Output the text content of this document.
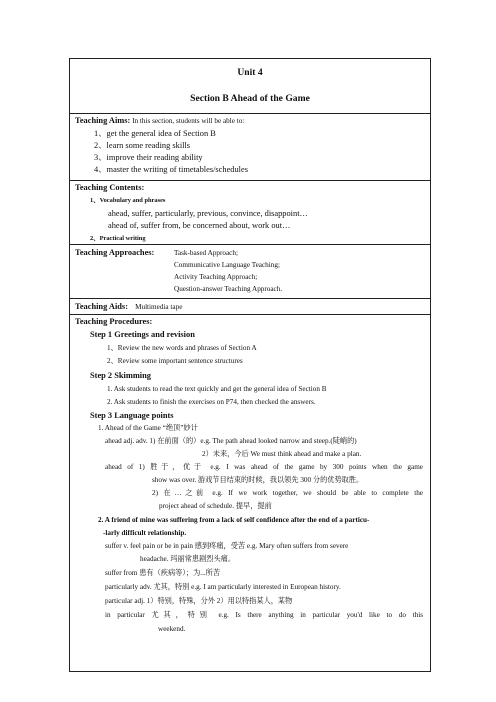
Unit 4
Section B Ahead of the Game
Teaching Aims: In this section, students will be able to:
1、get the general idea of Section B
2、learn some reading skills
3、improve their reading ability
4、master the writing of timetables/schedules
Teaching Contents:
1、Vocabulary and phrases
ahead, suffer, particularly, previous, convince, disappoint…
ahead of, suffer from, be concerned about, work out…
2、Practical writing
Teaching Approaches:	Task-based Approach;
Communicative Language Teaching;
Activity Teaching Approach;
Question-answer Teaching Approach.
Teaching Aids: Multimedia tape
Teaching Procedures:
Step 1 Greetings and revision
1、Review the new words and phrases of Section A
2、Review some important sentence structures
Step 2 Skimming
1. Ask students to read the text quickly and get the general idea of Section B
2. Ask students to finish the exercises on P74, then checked the answers.
Step 3 Language points
1. Ahead of the Game “绝顶”妙计
ahead adj. adv. 1) 在前面（的）e.g. The path ahead looked narrow and steep.(陡峭的)
2）未来，今后 We must think ahead and make a plan.
ahead of 1) 胜于，优于 e.g. I was ahead of the game by 300 points when the game
show was over. 游戏节目结束的时候，我以领先 300 分的优势取胜。
2) 在…之前 e.g. If we work together, we should be able to complete the
project ahead of schedule. 提早，提前
2. A friend of mine was suffering from a lack of self confidence after the end of a particu-
-larly difficult relationship.
suffer v. feel pain or be in pain 感到疼痛，受苦 e.g. Mary often suffers from severe
headache. 玛丽常患剧烈头痛。
suffer from 患有（疾病等）；为...所苦
particularly adv. 尤其，特别 e.g. I am particularly interested in European history.
particular adj. 1）特别，特殊，分外 2）用以特指某人，某物
in particular 尤其，特别 e.g. Is there anything in particular you'd like to do this
weekend.
